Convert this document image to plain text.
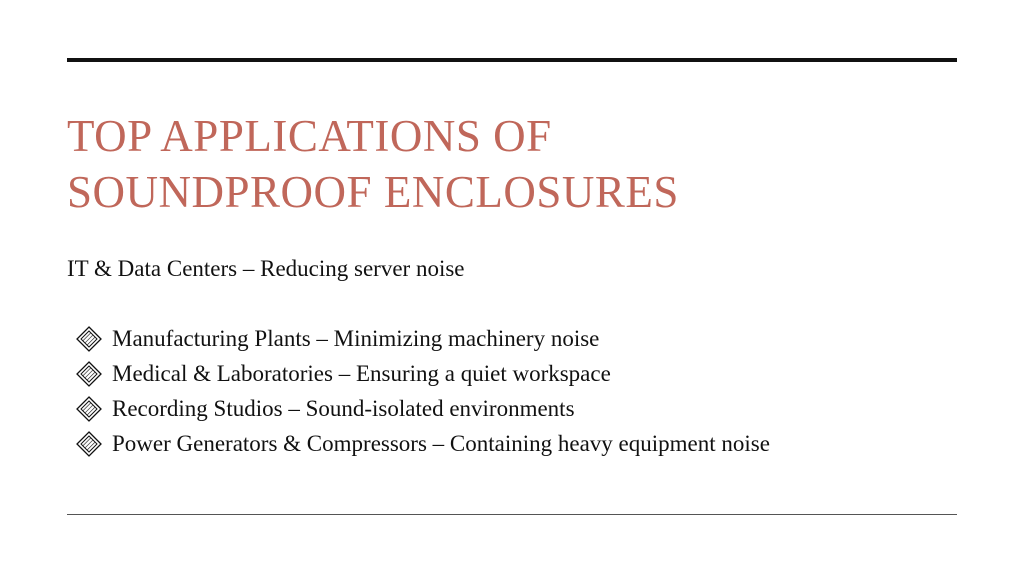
TOP APPLICATIONS OF
SOUNDPROOF ENCLOSURES

IT & Data Centers – Reducing server noise

Manufacturing Plants – Minimizing machinery noise
Medical & Laboratories – Ensuring a quiet workspace
Recording Studios – Sound-isolated environments
Power Generators & Compressors – Containing heavy equipment noise
